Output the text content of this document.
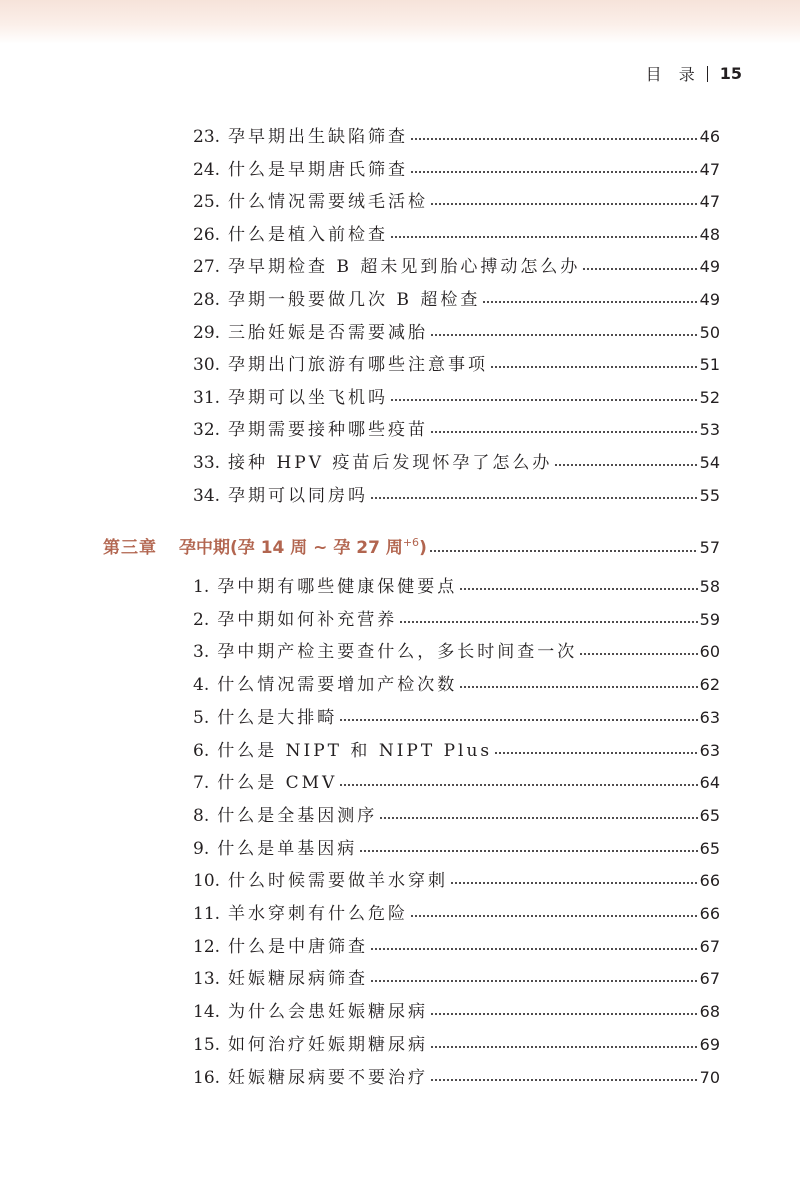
目 录 15
23. 孕早期出生缺陷筛查	46
24. 什么是早期唐氏筛查	47
25. 什么情况需要绒毛活检	47
26. 什么是植入前检查	48
27. 孕早期检查 B 超未见到胎心搏动怎么办	49
28. 孕期一般要做几次 B 超检查	49
29. 三胎妊娠是否需要减胎	50
30. 孕期出门旅游有哪些注意事项	51
31. 孕期可以坐飞机吗	52
32. 孕期需要接种哪些疫苗	53
33. 接种 HPV 疫苗后发现怀孕了怎么办	54
34. 孕期可以同房吗	55
第三章 孕中期(孕 14 周 ~ 孕 27 周$^{+6}$)	57
1. 孕中期有哪些健康保健要点	58
2. 孕中期如何补充营养	59
3. 孕中期产检主要查什么，多长时间查一次	60
4. 什么情况需要增加产检次数	62
5. 什么是大排畸	63
6. 什么是 NIPT 和 NIPT Plus	63
7. 什么是 CMV	64
8. 什么是全基因测序	65
9. 什么是单基因病	65
10. 什么时候需要做羊水穿刺	66
11. 羊水穿刺有什么危险	66
12. 什么是中唐筛查	67
13. 妊娠糖尿病筛查	67
14. 为什么会患妊娠糖尿病	68
15. 如何治疗妊娠期糖尿病	69
16. 妊娠糖尿病要不要治疗	70
